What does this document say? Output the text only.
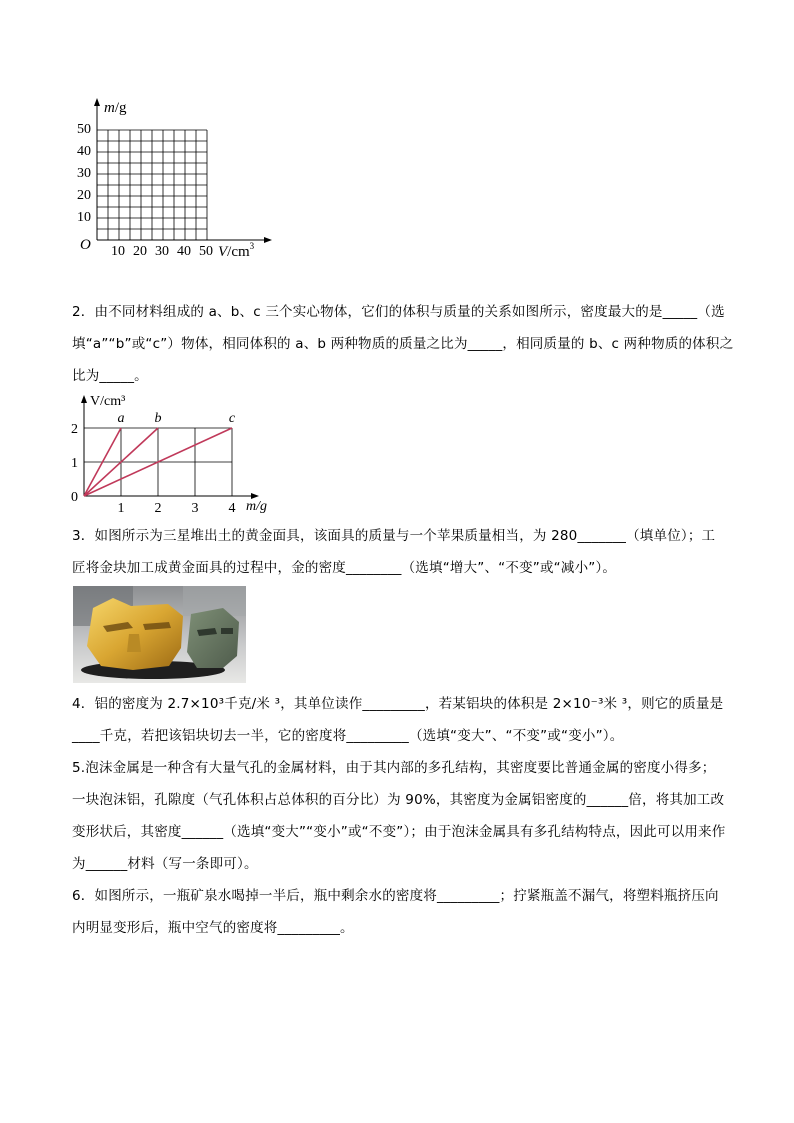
50
40
30
20
10
O 10 20 30 40 50
m/g
$V/cm^3$
2．由不同材料组成的 a、b、c 三个实心物体，它们的体积与质量的关系如图所示，密度最大的是_____（选
填“a”“b”或“c”）物体，相同体积的 a、b 两种物质的质量之比为_____，相同质量的 b、c 两种物质的体积之
比为_____。
a b	c
1 2 3 4
0
1
2
V/cm³
m/g
3．如图所示为三星堆出土的黄金面具，该面具的质量与一个苹果质量相当，为 280_______（填单位）；工
匠将金块加工成黄金面具的过程中，金的密度________（选填“增大”、“不变”或“减小”）。
4．铝的密度为 2.7×10³千克/米 ³，其单位读作_________，若某铝块的体积是 2×10⁻³米 ³，则它的质量是
____千克，若把该铝块切去一半，它的密度将_________（选填“变大”、“不变”或“变小”）。
5.泡沫金属是一种含有大量气孔的金属材料，由于其内部的多孔结构，其密度要比普通金属的密度小得多；
一块泡沫铝，孔隙度（气孔体积占总体积的百分比）为 90%，其密度为金属铝密度的______倍，将其加工改
变形状后，其密度______（选填“变大”“变小”或“不变”）；由于泡沫金属具有多孔结构特点，因此可以用来作
为______材料（写一条即可）。
6．如图所示，一瓶矿泉水喝掉一半后，瓶中剩余水的密度将_________；拧紧瓶盖不漏气，将塑料瓶挤压向
内明显变形后，瓶中空气的密度将_________。
